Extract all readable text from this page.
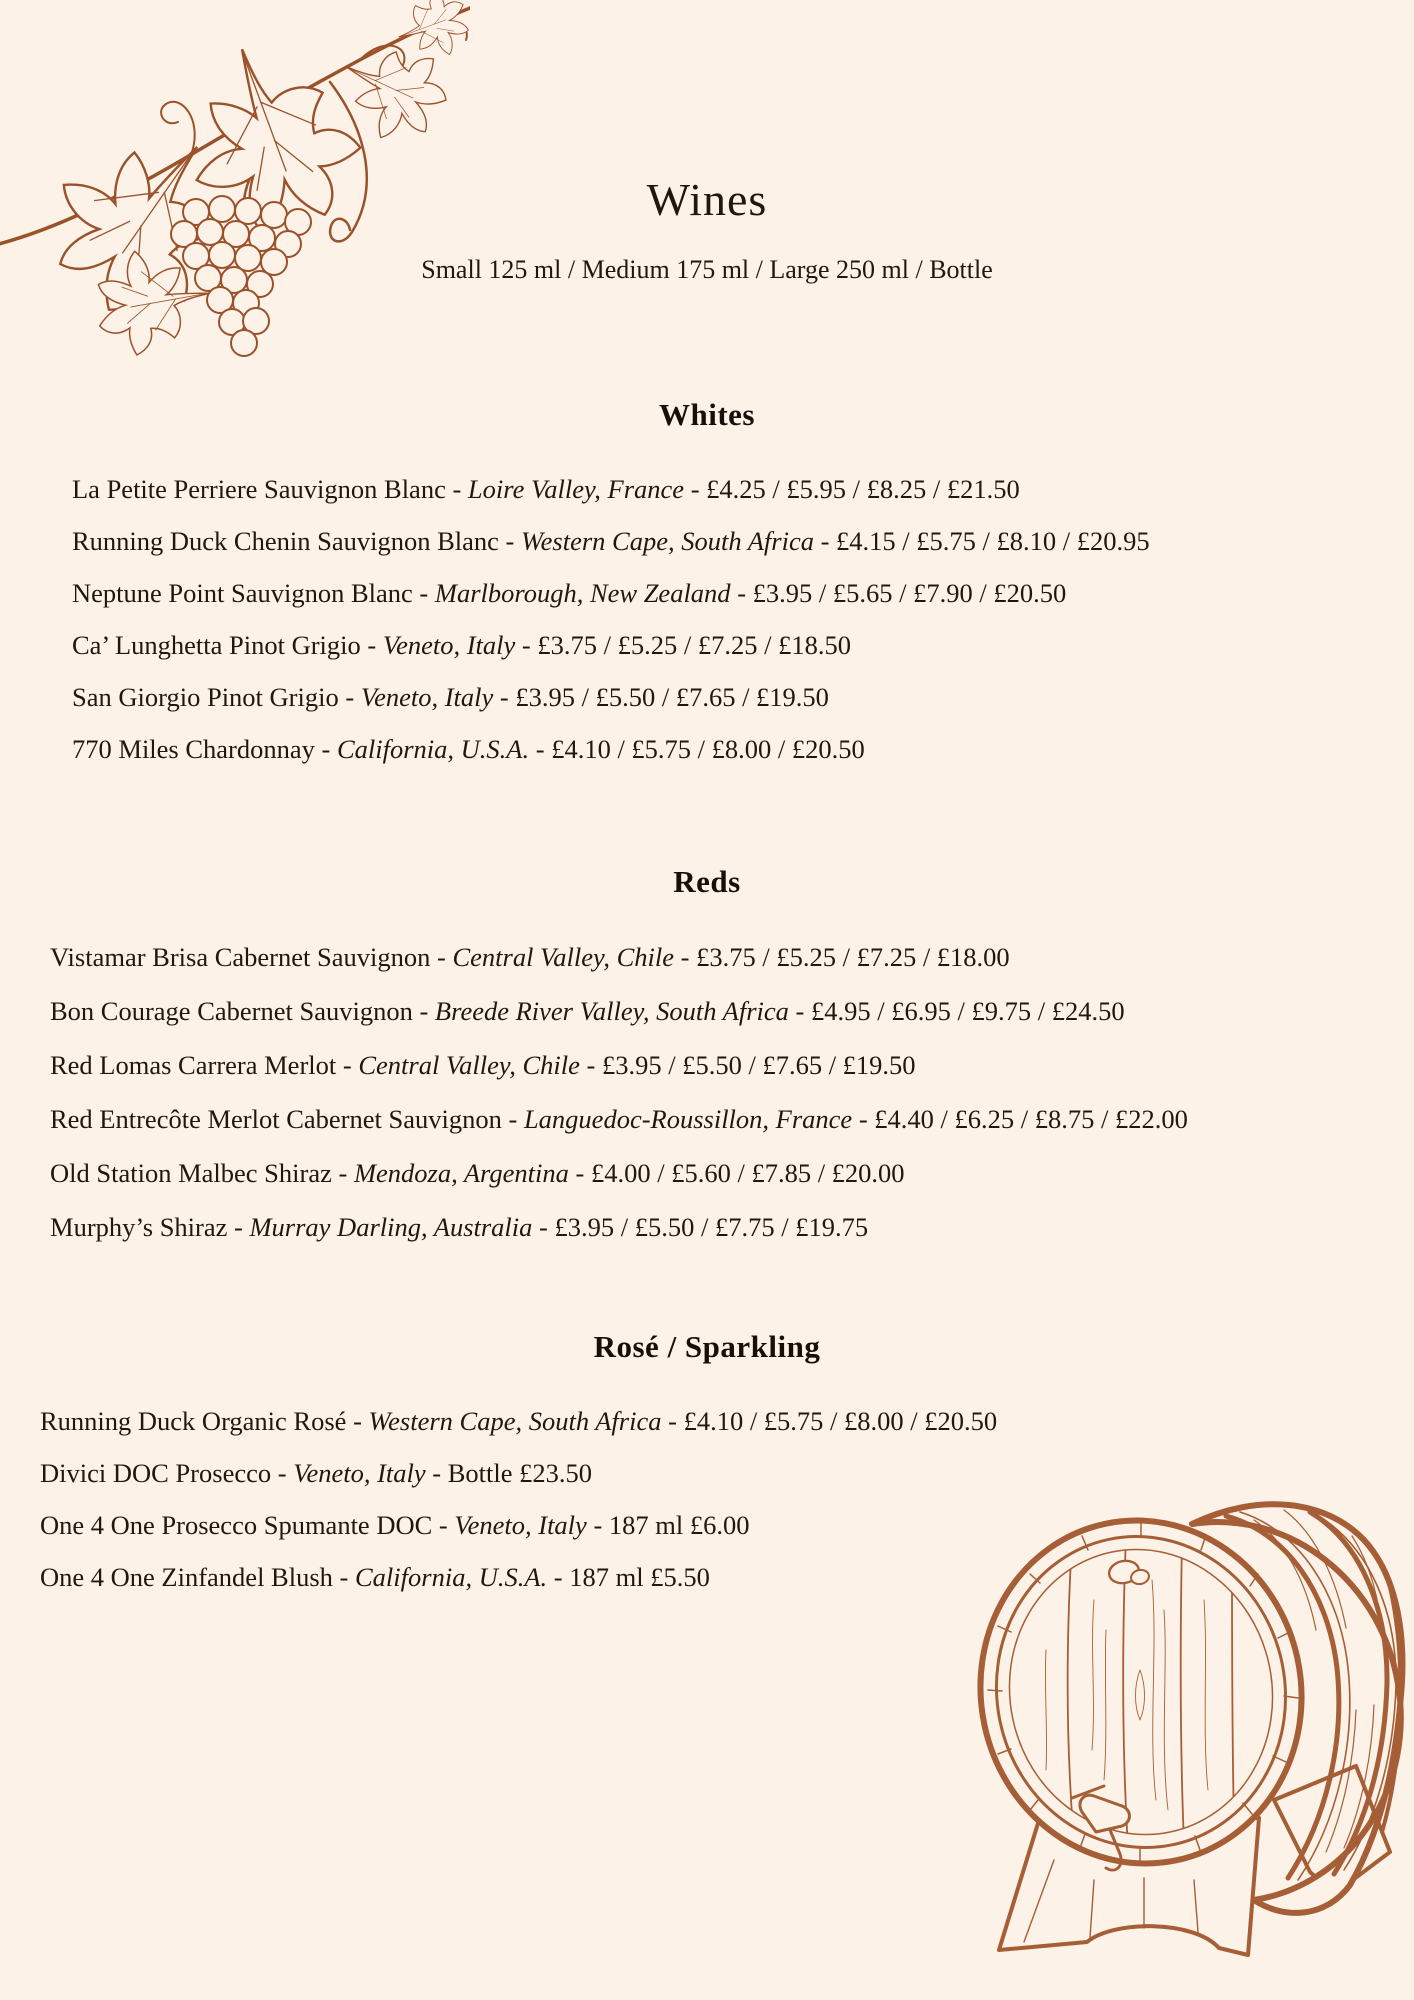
Wines

Small 125 ml / Medium 175 ml / Large 250 ml / Bottle

Whites
La Petite Perriere Sauvignon Blanc - Loire Valley, France - £4.25 / £5.95 / £8.25 / £21.50
Running Duck Chenin Sauvignon Blanc - Western Cape, South Africa - £4.15 / £5.75 / £8.10 / £20.95
Neptune Point Sauvignon Blanc - Marlborough, New Zealand - £3.95 / £5.65 / £7.90 / £20.50
Ca’ Lunghetta Pinot Grigio - Veneto, Italy - £3.75 / £5.25 / £7.25 / £18.50
San Giorgio Pinot Grigio - Veneto, Italy - £3.95 / £5.50 / £7.65 / £19.50
770 Miles Chardonnay - California, U.S.A. - £4.10 / £5.75 / £8.00 / £20.50
Reds
Vistamar Brisa Cabernet Sauvignon - Central Valley, Chile - £3.75 / £5.25 / £7.25 / £18.00
Bon Courage Cabernet Sauvignon - Breede River Valley, South Africa - £4.95 / £6.95 / £9.75 / £24.50
Red Lomas Carrera Merlot - Central Valley, Chile - £3.95 / £5.50 / £7.65 / £19.50
Red Entrecôte Merlot Cabernet Sauvignon - Languedoc-Roussillon, France - £4.40 / £6.25 / £8.75 / £22.00
Old Station Malbec Shiraz - Mendoza, Argentina - £4.00 / £5.60 / £7.85 / £20.00
Murphy’s Shiraz - Murray Darling, Australia - £3.95 / £5.50 / £7.75 / £19.75
Rosé / Sparkling
Running Duck Organic Rosé - Western Cape, South Africa - £4.10 / £5.75 / £8.00 / £20.50
Divici DOC Prosecco - Veneto, Italy - Bottle £23.50
One 4 One Prosecco Spumante DOC - Veneto, Italy - 187 ml £6.00
One 4 One Zinfandel Blush - California, U.S.A. - 187 ml £5.50
